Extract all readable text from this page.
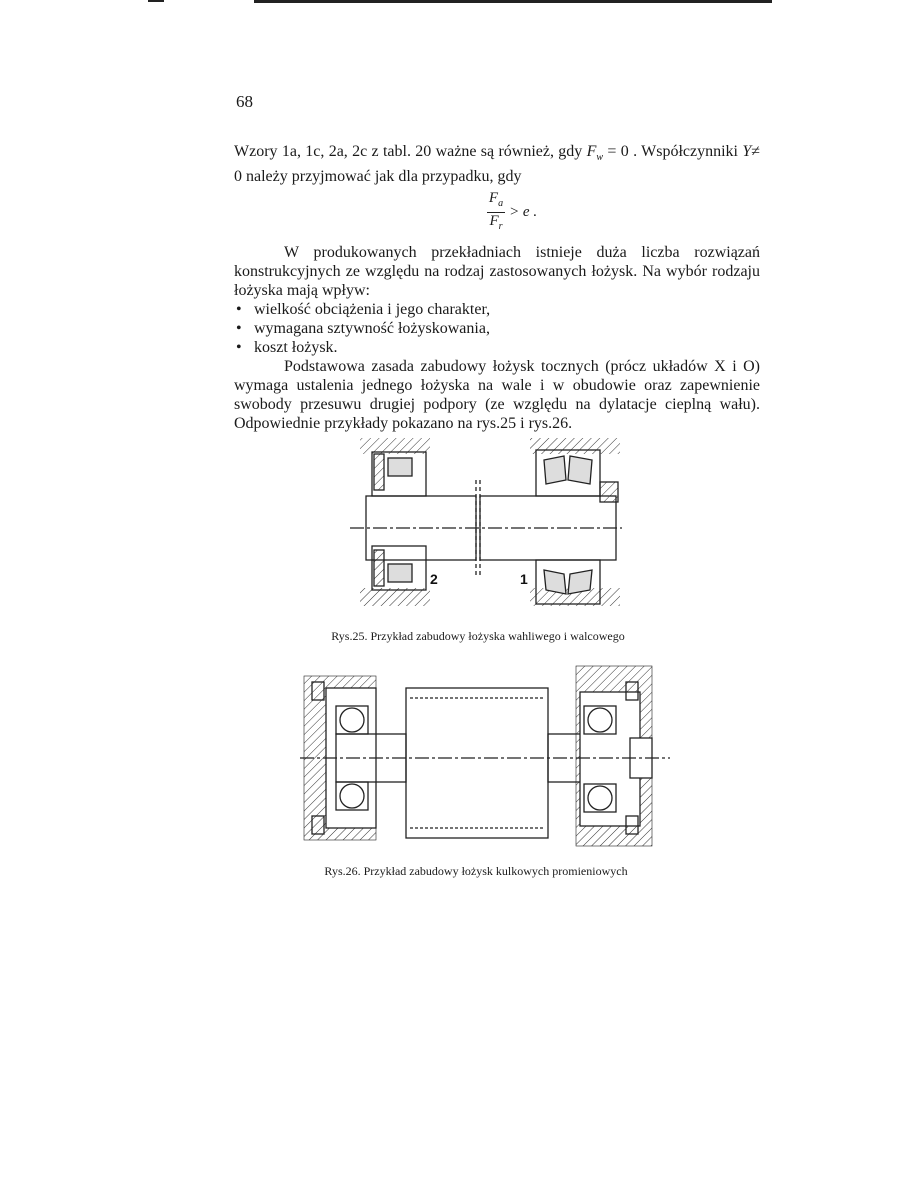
68

Wzory 1a, 1c, 2a, 2c z tabl. 20 ważne są również, gdy $F_w = 0$ . Współczynniki Y≠ 0 należy przyjmować jak dla przypadku, gdy

$\frac{F_a}{F_r} > e$ .

W produkowanych przekładniach istnieje duża liczba rozwiązań konstrukcyjnych ze względu na rodzaj zastosowanych łożysk. Na wybór rodzaju łożyska mają wpływ:

• wielkość obciążenia i jego charakter,
• wymagana sztywność łożyskowania,
• koszt łożysk.

Podstawowa zasada zabudowy łożysk tocznych (prócz układów X i O) wymaga ustalenia jednego łożyska na wale i w obudowie oraz zapewnienie swobody przesuwu drugiej podpory (ze względu na dylatacje cieplną wału). Odpowiednie przykłady pokazano na rys.25 i rys.26.

2	1
Rys.25. Przykład zabudowy łożyska wahliwego i walcowego
Rys.26. Przykład zabudowy łożysk kulkowych promieniowych
